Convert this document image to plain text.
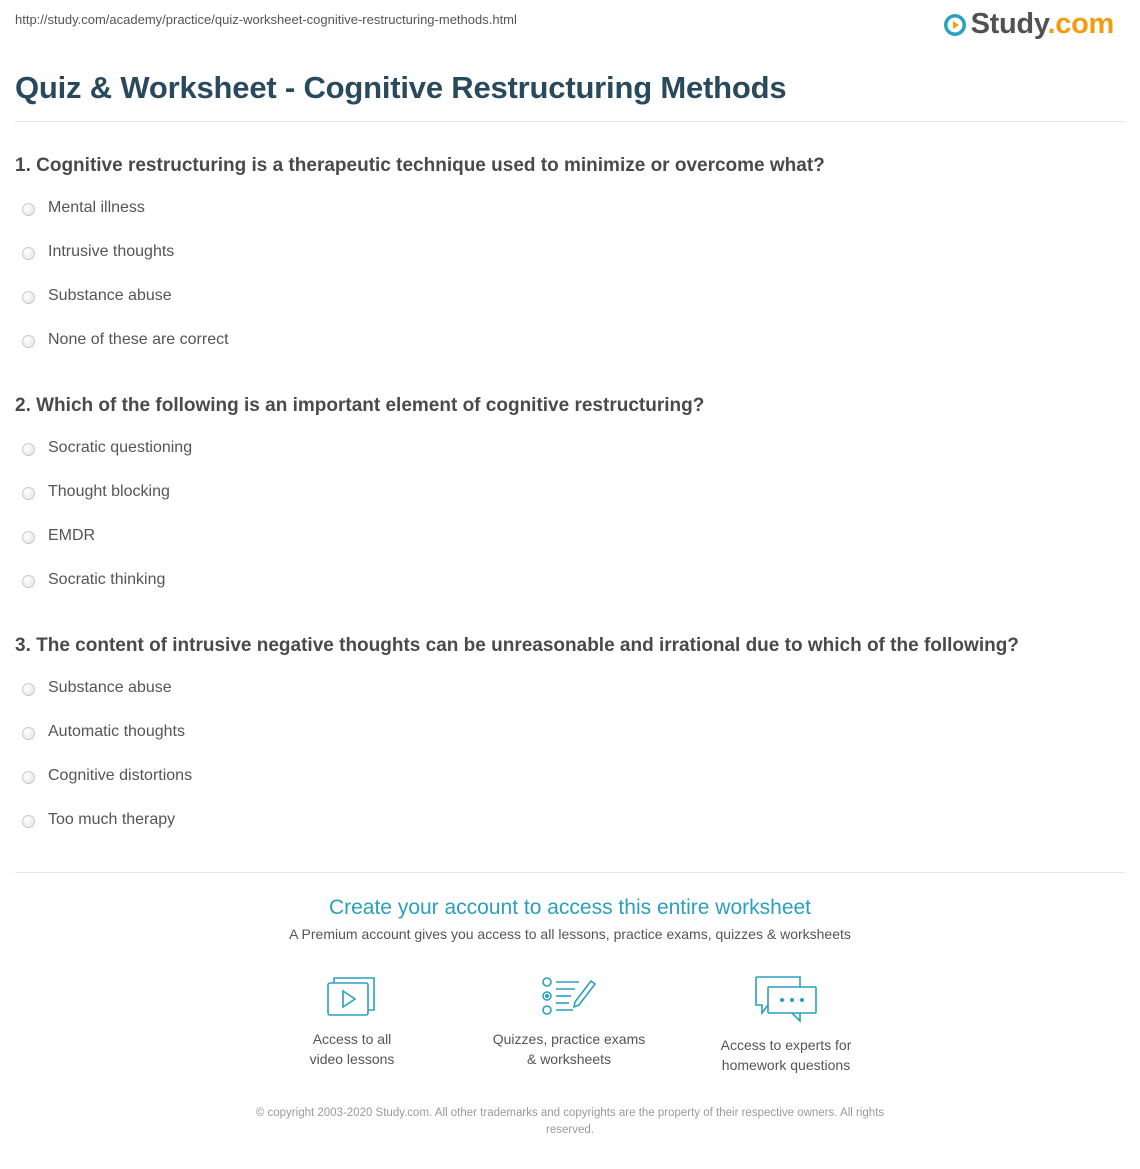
http://study.com/academy/practice/quiz-worksheet-cognitive-restructuring-methods.html	Study.com
Quiz & Worksheet - Cognitive Restructuring Methods
1. Cognitive restructuring is a therapeutic technique used to minimize or overcome what?
Mental illness
Intrusive thoughts
Substance abuse
None of these are correct
2. Which of the following is an important element of cognitive restructuring?
Socratic questioning
Thought blocking
EMDR
Socratic thinking
3. The content of intrusive negative thoughts can be unreasonable and irrational due to which of the following?
Substance abuse
Automatic thoughts
Cognitive distortions
Too much therapy
Create your account to access this entire worksheet
A Premium account gives you access to all lessons, practice exams, quizzes & worksheets
Access to all
video lessons
Quizzes, practice exams
& worksheets
Access to experts for
homework questions
© copyright 2003-2020 Study.com. All other trademarks and copyrights are the property of their respective owners. All rights
reserved.
